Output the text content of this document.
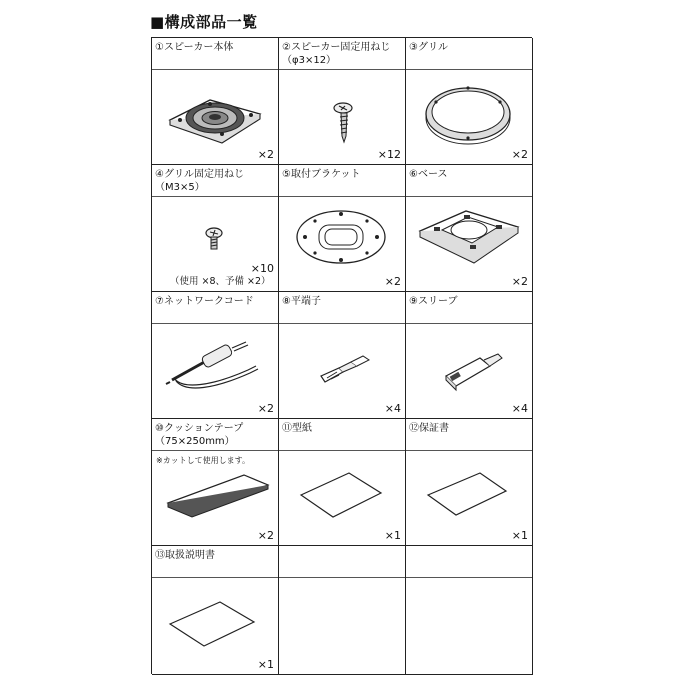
■構成部品一覧
①スピーカー本体
×2
②スピーカー固定用ねじ
（φ3×12）
×12
③グリル
×2
④グリル固定用ねじ
（M3×5）
×10
（使用 ×8、予備 ×2）
⑤取付ブラケット
×2
⑥ベース
×2
⑦ネットワークコード
×2
⑧平端子
×4
⑨スリーブ
×4
⑩クッションテープ
（75×250mm）
※カットして使用します。
×2
⑪型紙
×1
⑫保証書
×1
⑬取扱説明書
×1
